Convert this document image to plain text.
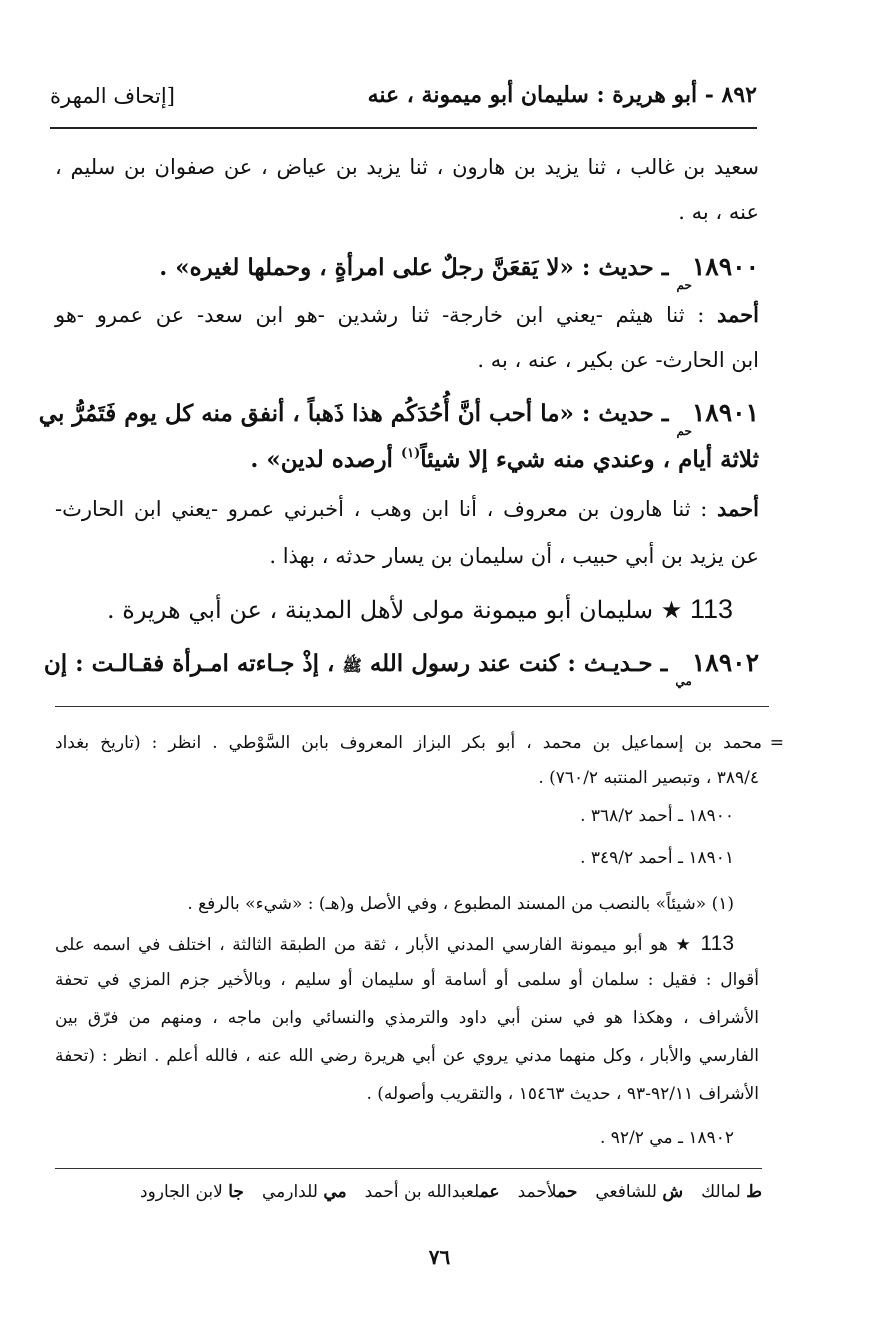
٨٩٢ - أبو هريرة : سليمان أبو ميمونة ، عنه
[إتحاف المهرة
سعيد بن غالب ، ثنا يزيد بن هارون ، ثنا يزيد بن عياض ، عن صفوان بن سليم ،
عنه ، به .
$١٨٩٠٠_{حم}$ ـ حديث : «لا يَقعَنَّ رجلٌ على امرأةٍ ، وحملها لغيره» .
أحمد : ثنا هيثم -يعني ابن خارجة- ثنا رشدين -هو ابن سعد- عن عمرو -هو
ابن الحارث- عن بكير ، عنه ، به .
$١٨٩٠١_{حم}$ ـ حديث : «ما أحب أنَّ أُحُدَكُم هذا ذَهباً ، أنفق منه كل يوم فَتَمُرُّ بي
ثلاثة أيام ، وعندي منه شيء إلا شيئاً$^{(١)}$ أرصده لدين» .
أحمد : ثنا هارون بن معروف ، أنا ابن وهب ، أخبرني عمرو -يعني ابن الحارث-
عن يزيد بن أبي حبيب ، أن سليمان بن يسار حدثه ، بهذا .
113 ★ سليمان أبو ميمونة مولى لأهل المدينة ، عن أبي هريرة .
$١٨٩٠٢_{مي}$ ـ حـديـث : كنت عند رسول الله ﷺ ، إذْ جـاءته امـرأة فقـالـت : إن
=
محمد بن إسماعيل بن محمد ، أبو بكر البزاز المعروف بابن السَّوْطي . انظر : (تاريخ بغداد
٣٨٩/٤ ، وتبصير المنتبه ٧٦٠/٢) .
١٨٩٠٠ ـ أحمد ٣٦٨/٢ .
١٨٩٠١ ـ أحمد ٣٤٩/٢ .
(١) «شيئاً» بالنصب من المسند المطبوع ، وفي الأصل و(هـ) : «شيء» بالرفع .
113 ★ هو أبو ميمونة الفارسي المدني الأبار ، ثقة من الطبقة الثالثة ، اختلف في اسمه على
أقوال : فقيل : سلمان أو سلمى أو أسامة أو سليمان أو سليم ، وبالأخير جزم المزي في تحفة
الأشراف ، وهكذا هو في سنن أبي داود والترمذي والنسائي وابن ماجه ، ومنهم من فرّق بين
الفارسي والأبار ، وكل منهما مدني يروي عن أبي هريرة رضي الله عنه ، فالله أعلم . انظر : (تحفة
الأشراف ٩٢/١١-٩٣ ، حديث ١٥٤٦٣ ، والتقريب وأصوله) .
١٨٩٠٢ ـ مي ٩٢/٢ .
ط لمالك
ش للشافعي
حملأحمد
عملعبدالله بن أحمد
مي للدارمي
جا لابن الجارود
٧٦
